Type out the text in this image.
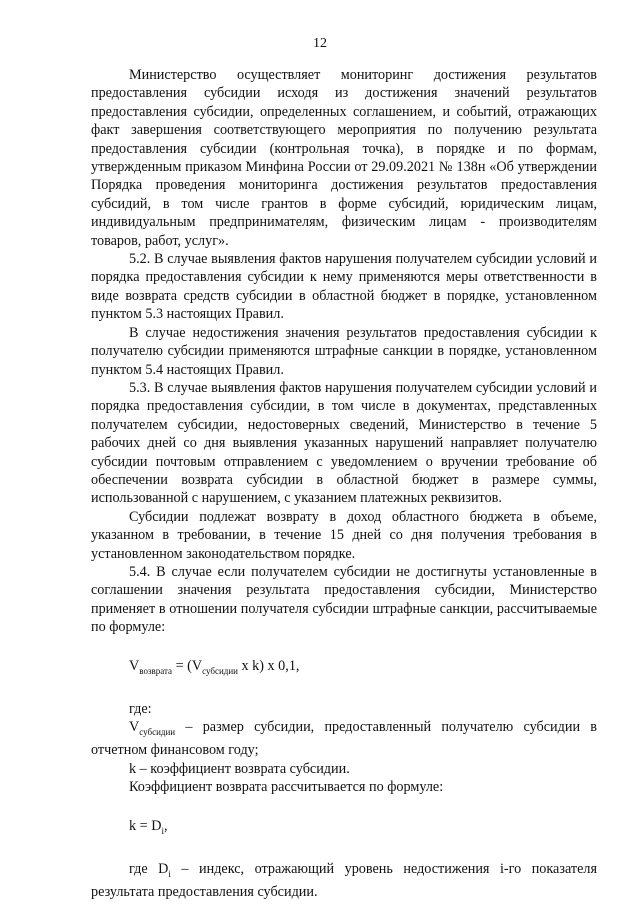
12

Министерство осуществляет мониторинг достижения результатов предоставления субсидии исходя из достижения значений результатов предоставления субсидии, определенных соглашением, и событий, отражающих факт завершения соответствующего мероприятия по получению результата предоставления субсидии (контрольная точка), в порядке и по формам, утвержденным приказом Минфина России от 29.09.2021 № 138н «Об утверждении Порядка проведения мониторинга достижения результатов предоставления субсидий, в том числе грантов в форме субсидий, юридическим лицам, индивидуальным предпринимателям, физическим лицам - производителям товаров, работ, услуг».

5.2. В случае выявления фактов нарушения получателем субсидии условий и порядка предоставления субсидии к нему применяются меры ответственности в виде возврата средств субсидии в областной бюджет в порядке, установленном пунктом 5.3 настоящих Правил.

В случае недостижения значения результатов предоставления субсидии к получателю субсидии применяются штрафные санкции в порядке, установленном пунктом 5.4 настоящих Правил.

5.3. В случае выявления фактов нарушения получателем субсидии условий и порядка предоставления субсидии, в том числе в документах, представленных получателем субсидии, недостоверных сведений, Министерство в течение 5 рабочих дней со дня выявления указанных нарушений направляет получателю субсидии почтовым отправлением с уведомлением о вручении требование об обеспечении возврата субсидии в областной бюджет в размере суммы, использованной с нарушением, с указанием платежных реквизитов.

Субсидии подлежат возврату в доход областного бюджета в объеме, указанном в требовании, в течение 15 дней со дня получения требования в установленном законодательством порядке.

5.4. В случае если получателем субсидии не достигнуты установленные в соглашении значения результата предоставления субсидии, Министерство применяет в отношении получателя субсидии штрафные санкции, рассчитываемые по формуле:

$V_{возврата} = (V_{субсидии}$ x k) x 0,1,

где:

$V_{субсидии}$ – размер субсидии, предоставленный получателю субсидии в отчетном финансовом году;

k – коэффициент возврата субсидии.

Коэффициент возврата рассчитывается по формуле:

$k = D_i$,

где $D_i$ – индекс, отражающий уровень недостижения i-го показателя результата предоставления субсидии.
